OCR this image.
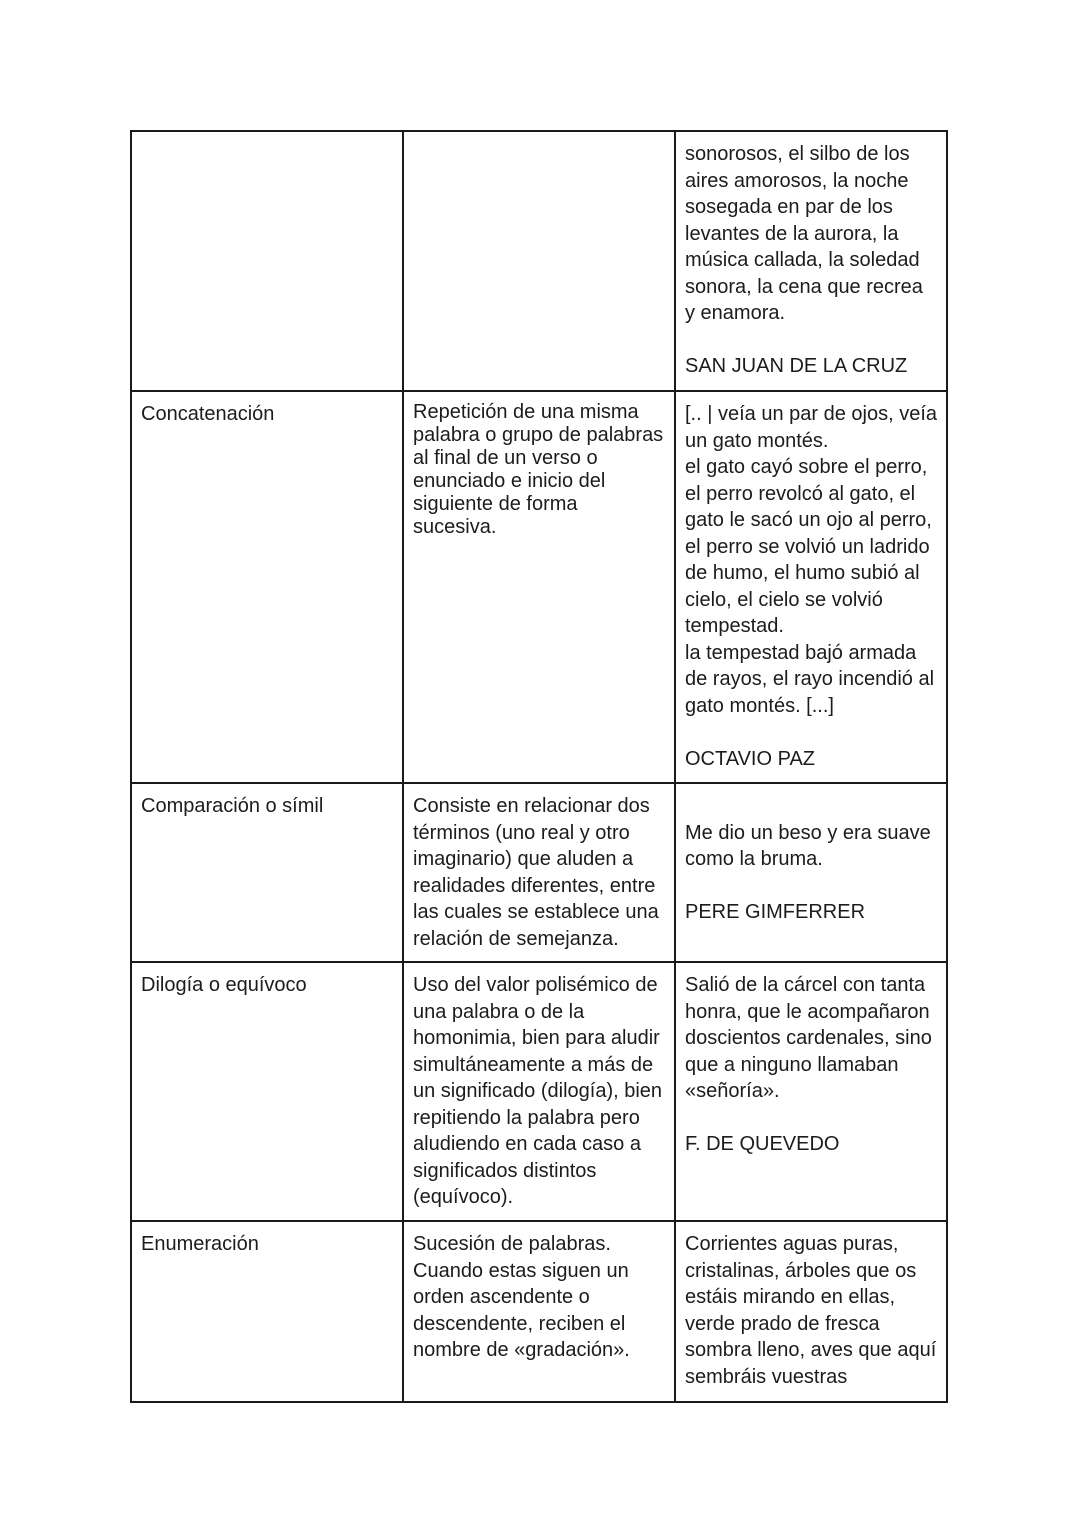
		sonorosos, el silbo de los aires amorosos, la noche sosegada en par de los levantes de la aurora, la música callada, la soledad sonora, la cena que recrea y enamora.
SAN JUAN DE LA CRUZ

Concatenación	Repetición de una misma palabra o grupo de palabras al final de un verso o enunciado e inicio del siguiente de forma sucesiva.	[.. | veía un par de ojos, veía un gato montés.
el gato cayó sobre el perro, el perro revolcó al gato, el gato le sacó un ojo al perro, el perro se volvió un ladrido de humo, el humo subió al cielo, el cielo se volvió tempestad.
la tempestad bajó armada de rayos, el rayo incendió al gato montés. [...]
OCTAVIO PAZ

Comparación o símil	Consiste en relacionar dos términos (uno real y otro imaginario) que aluden a realidades diferentes, entre las cuales se establece una relación de semejanza.	Me dio un beso y era suave como la bruma.
PERE GIMFERRER

Dilogía o equívoco	Uso del valor polisémico de una palabra o de la homonimia, bien para aludir simultáneamente a más de un significado (dilogía), bien repitiendo la palabra pero aludiendo en cada caso a significados distintos (equívoco).	Salió de la cárcel con tanta honra, que le acompañaron doscientos cardenales, sino que a ninguno llamaban «señoría».
F. DE QUEVEDO

Enumeración	Sucesión de palabras. Cuando estas siguen un orden ascendente o descendente, reciben el nombre de «gradación».	Corrientes aguas puras, cristalinas, árboles que os estáis mirando en ellas, verde prado de fresca sombra lleno, aves que aquí sembráis vuestras
